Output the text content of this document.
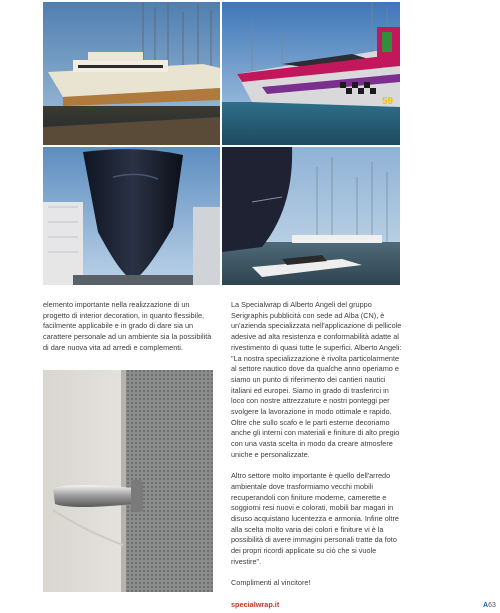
59

elemento importante nella realizzazione di un progetto di interior decoration, in quanto flessibile, facilmente applicabile e in grado di dare sia un carattere personale ad un ambiente sia la possibilità di dare nuova vita ad arredi e complementi.

La Specialwrap di Alberto Angeli del gruppo Serigraphis pubblicità con sede ad Alba (CN), è un'azienda specializzata nell'applicazione di pellicole adesive ad alta resistenza e conformabilità adatte al rivestimento di quasi tutte le superfici. Alberto Angeli: "La nostra specializzazione è rivolta particolarmente al settore nautico dove da qualche anno operiamo e siamo un punto di riferimento dei cantieri nautici italiani ed europei. Siamo in grado di trasferirci in loco con nostre attrezzature e nostri ponteggi per svolgere la lavorazione in modo ottimale e rapido. Oltre che sullo scafo e le parti esterne decoriamo anche gli interni con materiali e finiture di alto pregio con una vasta scelta in modo da creare atmosfere uniche e personalizzate.

Altro settore molto importante è quello dell'arredo ambientale dove trasformiamo vecchi mobili recuperandoli con finiture moderne, camerette e soggiorni resi nuovi e colorati, mobili bar magari in disuso acquistano lucentezza e armonia. Infine oltre alla scelta molto varia dei colori e finiture vi è la possibilità di avere immagini personali tratte da foto dei propri ricordi applicate su ciò che si vuole rivestire".

Complimenti al vincitore!

specialwrap.it	A63
